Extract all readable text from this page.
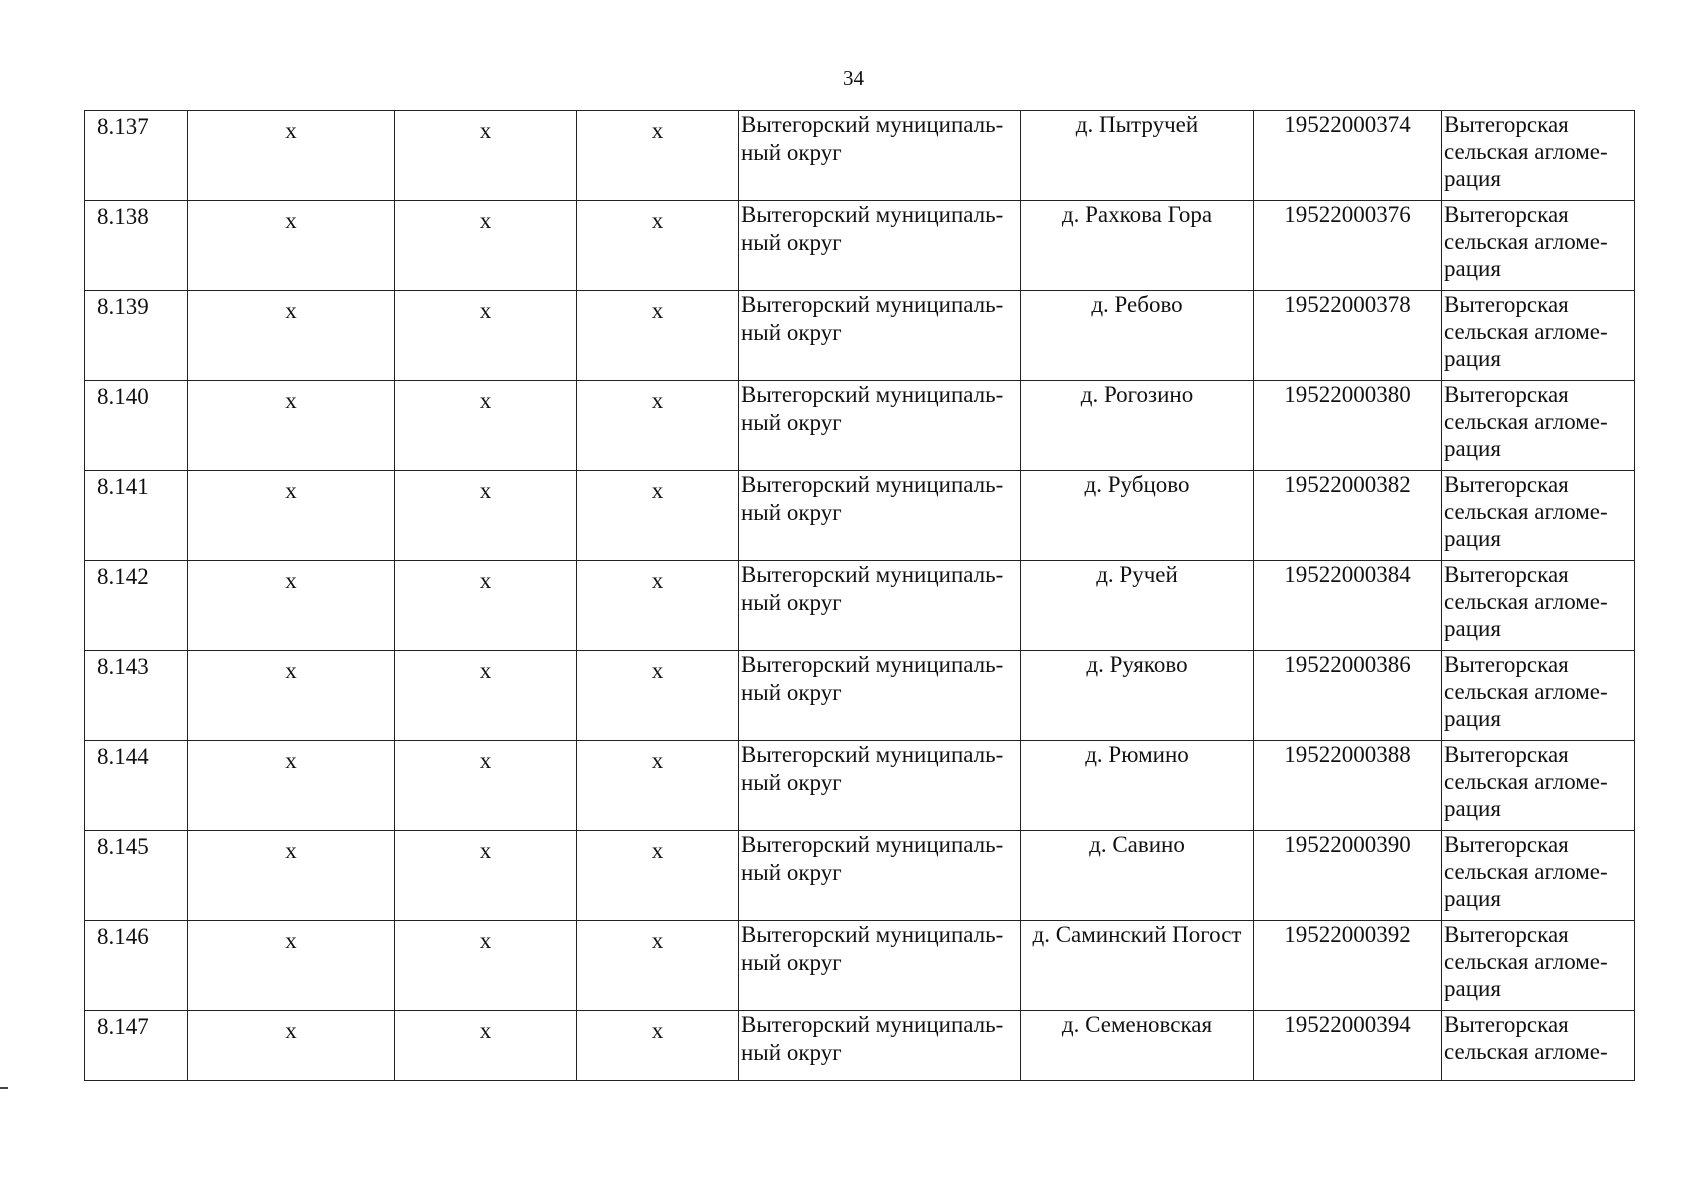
34
8.137	x	x	x	Вытегорский муниципаль-
ный округ	д. Пытручей	19522000374	Вытегорская
сельская агломе-
рация

8.138	x	x	x	Вытегорский муниципаль-
ный округ	д. Рахкова Гора	19522000376	Вытегорская
сельская агломе-
рация

8.139	x	x	x	Вытегорский муниципаль-
ный округ	д. Ребово	19522000378	Вытегорская
сельская агломе-
рация

8.140	x	x	x	Вытегорский муниципаль-
ный округ	д. Рогозино	19522000380	Вытегорская
сельская агломе-
рация

8.141	x	x	x	Вытегорский муниципаль-
ный округ	д. Рубцово	19522000382	Вытегорская
сельская агломе-
рация

8.142	x	x	x	Вытегорский муниципаль-
ный округ	д. Ручей	19522000384	Вытегорская
сельская агломе-
рация

8.143	x	x	x	Вытегорский муниципаль-
ный округ	д. Руяково	19522000386	Вытегорская
сельская агломе-
рация

8.144	x	x	x	Вытегорский муниципаль-
ный округ	д. Рюмино	19522000388	Вытегорская
сельская агломе-
рация

8.145	x	x	x	Вытегорский муниципаль-
ный округ	д. Савино	19522000390	Вытегорская
сельская агломе-
рация

8.146	x	x	x	Вытегорский муниципаль-
ный округ	д. Саминский Погост	19522000392	Вытегорская
сельская агломе-
рация

8.147	x	x	x	Вытегорский муниципаль-
ный округ	д. Семеновская	19522000394	Вытегорская
сельская агломе-
